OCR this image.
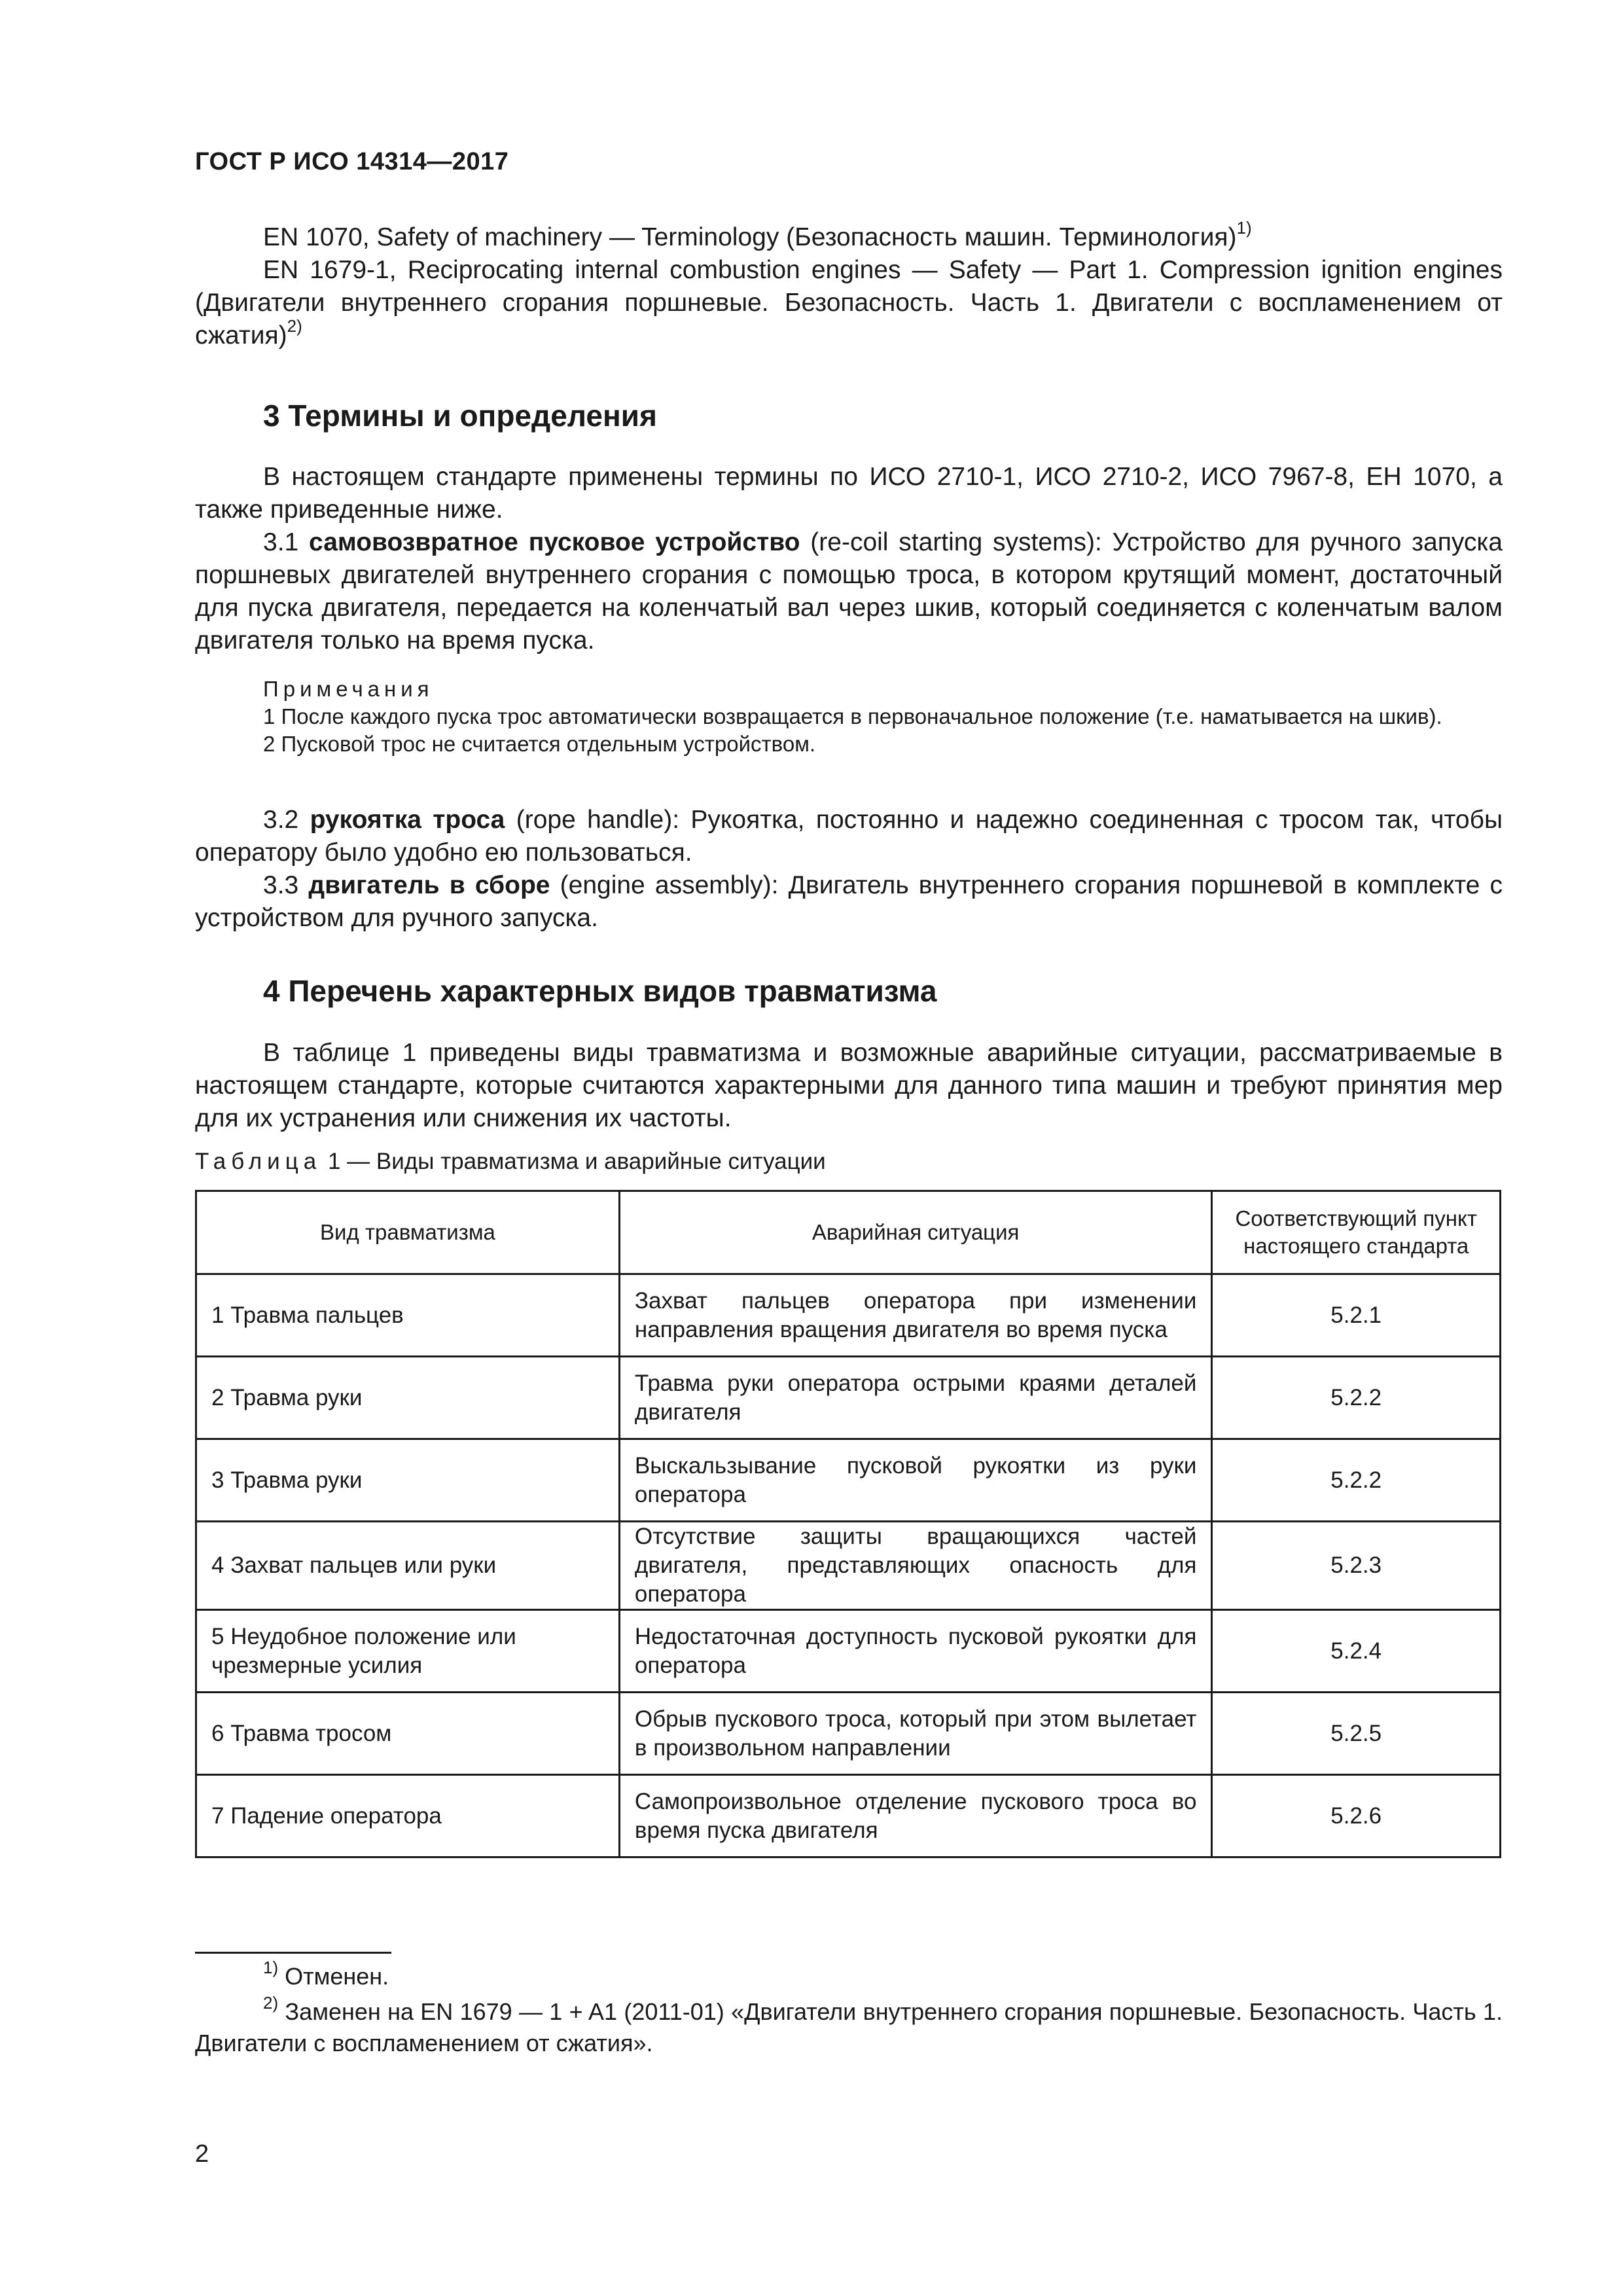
ГОСТ Р ИСО 14314—2017

EN 1070, Safety of machinery — Terminology (Безопасность машин. Терминология)$^{1)}$

EN 1679-1, Reciprocating internal combustion engines — Safety — Part 1. Compression ignition engines (Двигатели внутреннего сгорания поршневые. Безопасность. Часть 1. Двигатели с воспламенением от сжатия)$^{2)}$

3 Термины и определения

В настоящем стандарте применены термины по ИСО 2710-1, ИСО 2710-2, ИСО 7967-8, ЕН 1070, а также приведенные ниже.

3.1 самовозвратное пусковое устройство (re-coil starting systems): Устройство для ручного запуска поршневых двигателей внутреннего сгорания с помощью троса, в котором крутящий момент, достаточный для пуска двигателя, передается на коленчатый вал через шкив, который соединяется с коленчатым валом двигателя только на время пуска.

Примечания

1 После каждого пуска трос автоматически возвращается в первоначальное положение (т.е. наматывается на шкив).

2 Пусковой трос не считается отдельным устройством.

3.2 рукоятка троса (rope handle): Рукоятка, постоянно и надежно соединенная с тросом так, чтобы оператору было удобно ею пользоваться.

3.3 двигатель в сборе (engine assembly): Двигатель внутреннего сгорания поршневой в комплекте с устройством для ручного запуска.

4 Перечень характерных видов травматизма

В таблице 1 приведены виды травматизма и возможные аварийные ситуации, рассматриваемые в настоящем стандарте, которые считаются характерными для данного типа машин и требуют принятия мер для их устранения или снижения их частоты.

Таблица 1 — Виды травматизма и аварийные ситуации
Вид травматизма	Аварийная ситуация	Соответствующий пункт настоящего стандарта
1 Травма пальцев	Захват пальцев оператора при изменении направления вращения двигателя во время пуска	5.2.1
2 Травма руки	Травма руки оператора острыми краями деталей двигателя	5.2.2
3 Травма руки	Выскальзывание пусковой рукоятки из руки оператора	5.2.2
4 Захват пальцев или руки	Отсутствие защиты вращающихся частей двигателя, представляющих опасность для оператора	5.2.3
5 Неудобное положение или чрезмерные усилия	Недостаточная доступность пусковой рукоятки для оператора	5.2.4
6 Травма тросом	Обрыв пускового троса, который при этом вылетает в произвольном направлении	5.2.5
7 Падение оператора	Самопроизвольное отделение пускового троса во время пуска двигателя	5.2.6

$^{1)}$ Отменен.

$^{2)}$ Заменен на EN 1679 — 1 + A1 (2011-01) «Двигатели внутреннего сгорания поршневые. Безопасность. Часть 1. Двигатели с воспламенением от сжатия».

2
